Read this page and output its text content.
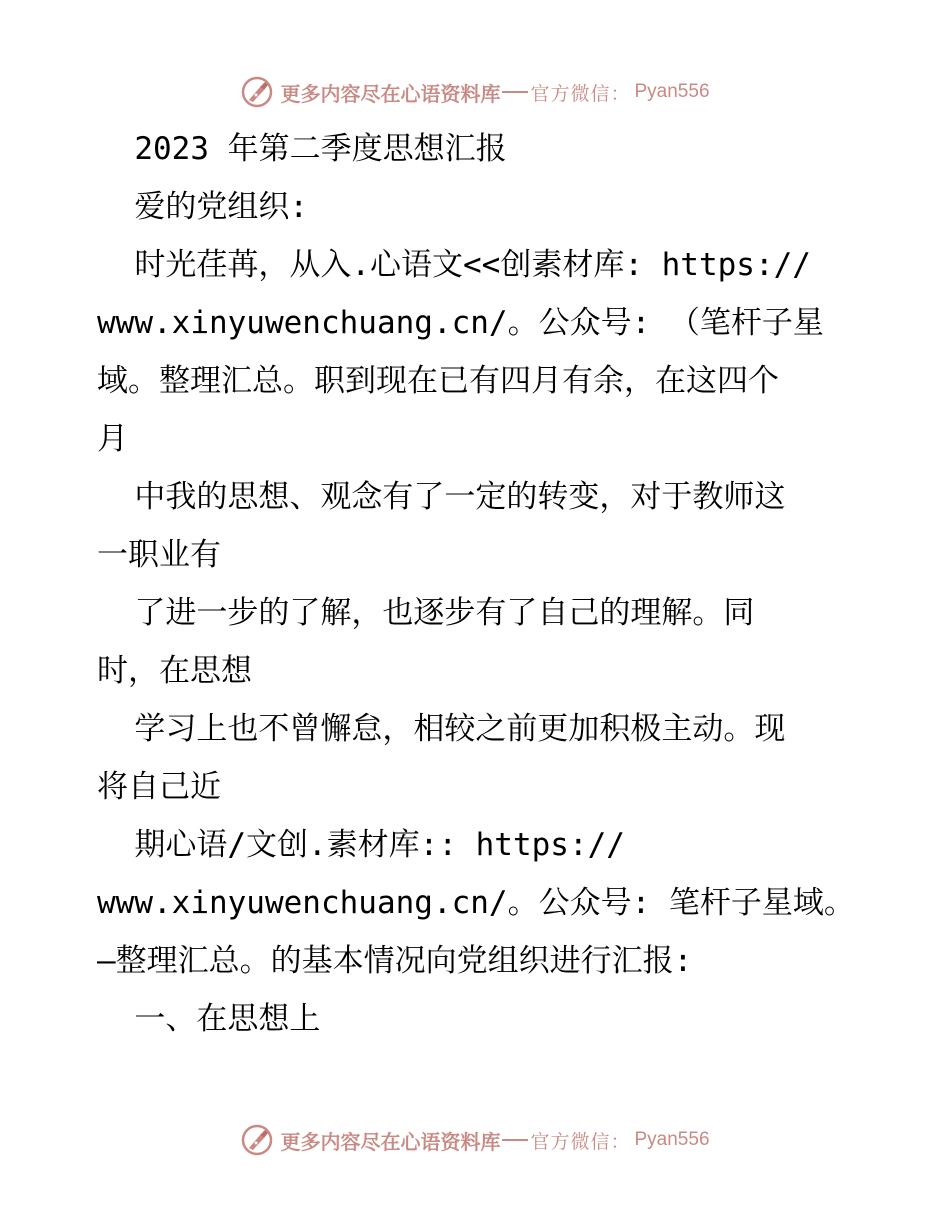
更多内容尽在心语资料库 官方微信： Pyan556
2023 年第二季度思想汇报
爱的党组织:
时光荏苒，从入.心语文<<创素材库: https://
www.xinyuwenchuang.cn/。公众号: （笔杆子星
域。整理汇总。职到现在已有四月有余，在这四个
月
中我的思想、观念有了一定的转变，对于教师这
一职业有
了进一步的了解，也逐步有了自己的理解。同
时，在思想
学习上也不曾懈怠，相较之前更加积极主动。现
将自己近
期心语/文创.素材库:: https://
www.xinyuwenchuang.cn/。公众号: 笔杆子星域。
—整理汇总。的基本情况向党组织进行汇报:
一、在思想上
更多内容尽在心语资料库 官方微信： Pyan556
